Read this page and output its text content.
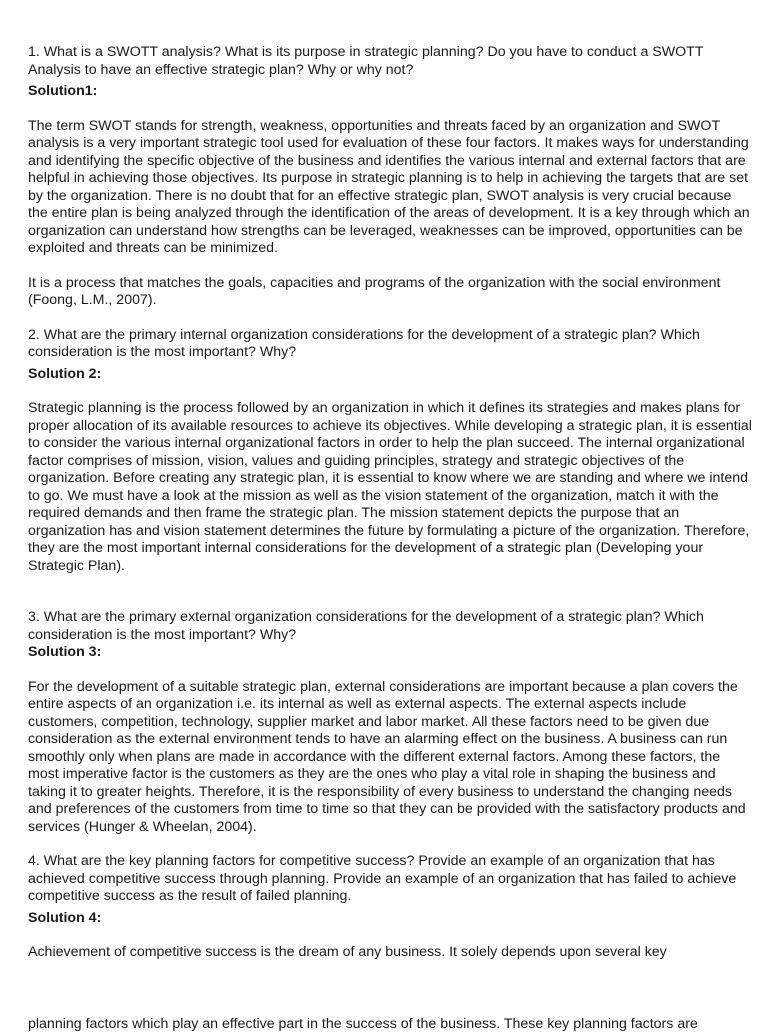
1. What is a SWOTT analysis? What is its purpose in strategic planning? Do you have to conduct a SWOTT Analysis to have an effective strategic plan? Why or why not?

Solution1:

The term SWOT stands for strength, weakness, opportunities and threats faced by an organization and SWOT analysis is a very important strategic tool used for evaluation of these four factors. It makes ways for understanding and identifying the specific objective of the business and identifies the various internal and external factors that are helpful in achieving those objectives. Its purpose in strategic planning is to help in achieving the targets that are set by the organization. There is no doubt that for an effective strategic plan, SWOT analysis is very crucial because the entire plan is being analyzed through the identification of the areas of development. It is a key through which an organization can understand how strengths can be leveraged, weaknesses can be improved, opportunities can be exploited and threats can be minimized.

It is a process that matches the goals, capacities and programs of the organization with the social environment (Foong, L.M., 2007).

2. What are the primary internal organization considerations for the development of a strategic plan? Which consideration is the most important? Why?

Solution 2:

Strategic planning is the process followed by an organization in which it defines its strategies and makes plans for proper allocation of its available resources to achieve its objectives. While developing a strategic plan, it is essential to consider the various internal organizational factors in order to help the plan succeed. The internal organizational factor comprises of mission, vision, values and guiding principles, strategy and strategic objectives of the organization. Before creating any strategic plan, it is essential to know where we are standing and where we intend to go. We must have a look at the mission as well as the vision statement of the organization, match it with the required demands and then frame the strategic plan. The mission statement depicts the purpose that an organization has and vision statement determines the future by formulating a picture of the organization. Therefore, they are the most important internal considerations for the development of a strategic plan (Developing your Strategic Plan).

3. What are the primary external organization considerations for the development of a strategic plan? Which consideration is the most important? Why?

Solution 3:

For the development of a suitable strategic plan, external considerations are important because a plan covers the entire aspects of an organization i.e. its internal as well as external aspects. The external aspects include customers, competition, technology, supplier market and labor market. All these factors need to be given due consideration as the external environment tends to have an alarming effect on the business. A business can run smoothly only when plans are made in accordance with the different external factors. Among these factors, the most imperative factor is the customers as they are the ones who play a vital role in shaping the business and taking it to greater heights. Therefore, it is the responsibility of every business to understand the changing needs and preferences of the customers from time to time so that they can be provided with the satisfactory products and services (Hunger & Wheelan, 2004).

4. What are the key planning factors for competitive success? Provide an example of an organization that has achieved competitive success through planning. Provide an example of an organization that has failed to achieve competitive success as the result of failed planning.

Solution 4:

Achievement of competitive success is the dream of any business. It solely depends upon several key

planning factors which play an effective part in the success of the business. These key planning factors are
